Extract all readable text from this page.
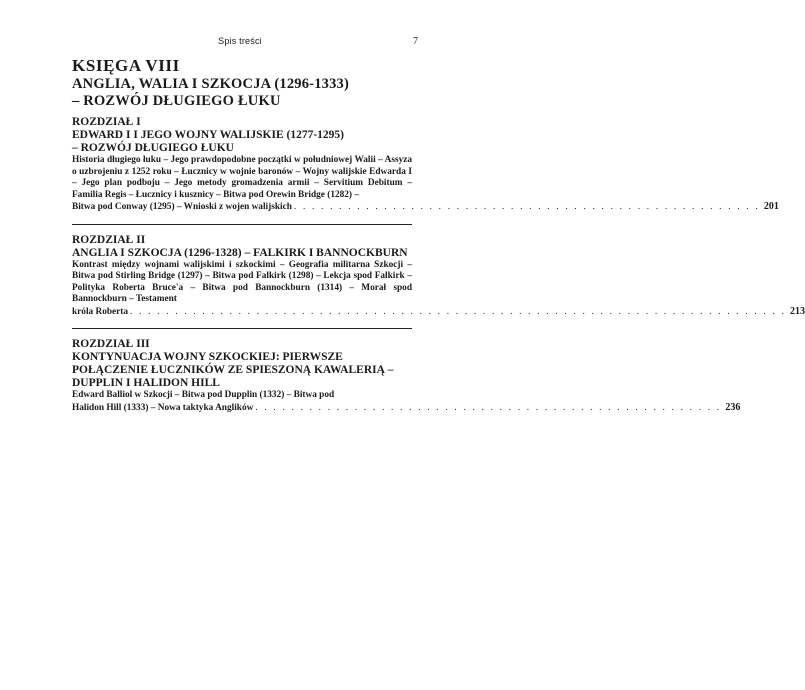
Spis treści	7
KSIĘGA VIII
ANGLIA, WALIA I SZKOCJA (1296-1333)
– ROZWÓJ DŁUGIEGO ŁUKU
ROZDZIAŁ I
EDWARD I I JEGO WOJNY WALIJSKIE (1277-1295)
– ROZWÓJ DŁUGIEGO ŁUKU
Historia długiego łuku – Jego prawdopodobne początki w południowej Walii – Assyza o uzbrojeniu z 1252 roku – Łucznicy w wojnie baronów – Wojny walijskie Edwarda I – Jego plan podboju – Jego metody gromadzenia armii – Servitium Debitum – Familia Regis – Łucznicy i kusznicy – Bitwa pod Orewin Bridge (1282) –
Bitwa pod Conway (1295) – Wnioski z wojen walijskich . . . . . . . . . . . . . . . . . . . . . . . . . . . . . . . . . . . . . . . . . . . . . . . . . . . . 201
ROZDZIAŁ II
ANGLIA I SZKOCJA (1296-1328) – FALKIRK I BANNOCKBURN
Kontrast między wojnami walijskimi i szkockimi – Geografia militarna Szkocji – Bitwa pod Stirling Bridge (1297) – Bitwa pod Falkirk (1298) – Lekcja spod Falkirk – Polityka Roberta Bruce'a – Bitwa pod Bannockburn (1314) – Morał spod Bannockburn – Testament
króla Roberta . . . . . . . . . . . . . . . . . . . . . . . . . . . . . . . . . . . . . . . . . . . . . . . . . . . . . . . . . . . . . . . . . . . . . . . . . 213
ROZDZIAŁ III
KONTYNUACJA WOJNY SZKOCKIEJ: PIERWSZE POŁĄCZENIE ŁUCZNIKÓW ZE SPIESZONĄ KAWALERIĄ – DUPPLIN I HALIDON HILL
Edward Balliol w Szkocji – Bitwa pod Dupplin (1332) – Bitwa pod
Halidon Hill (1333) – Nowa taktyka Anglików . . . . . . . . . . . . . . . . . . . . . . . . . . . . . . . . . . . . . . . . . . . . . . . . . . . . 236
